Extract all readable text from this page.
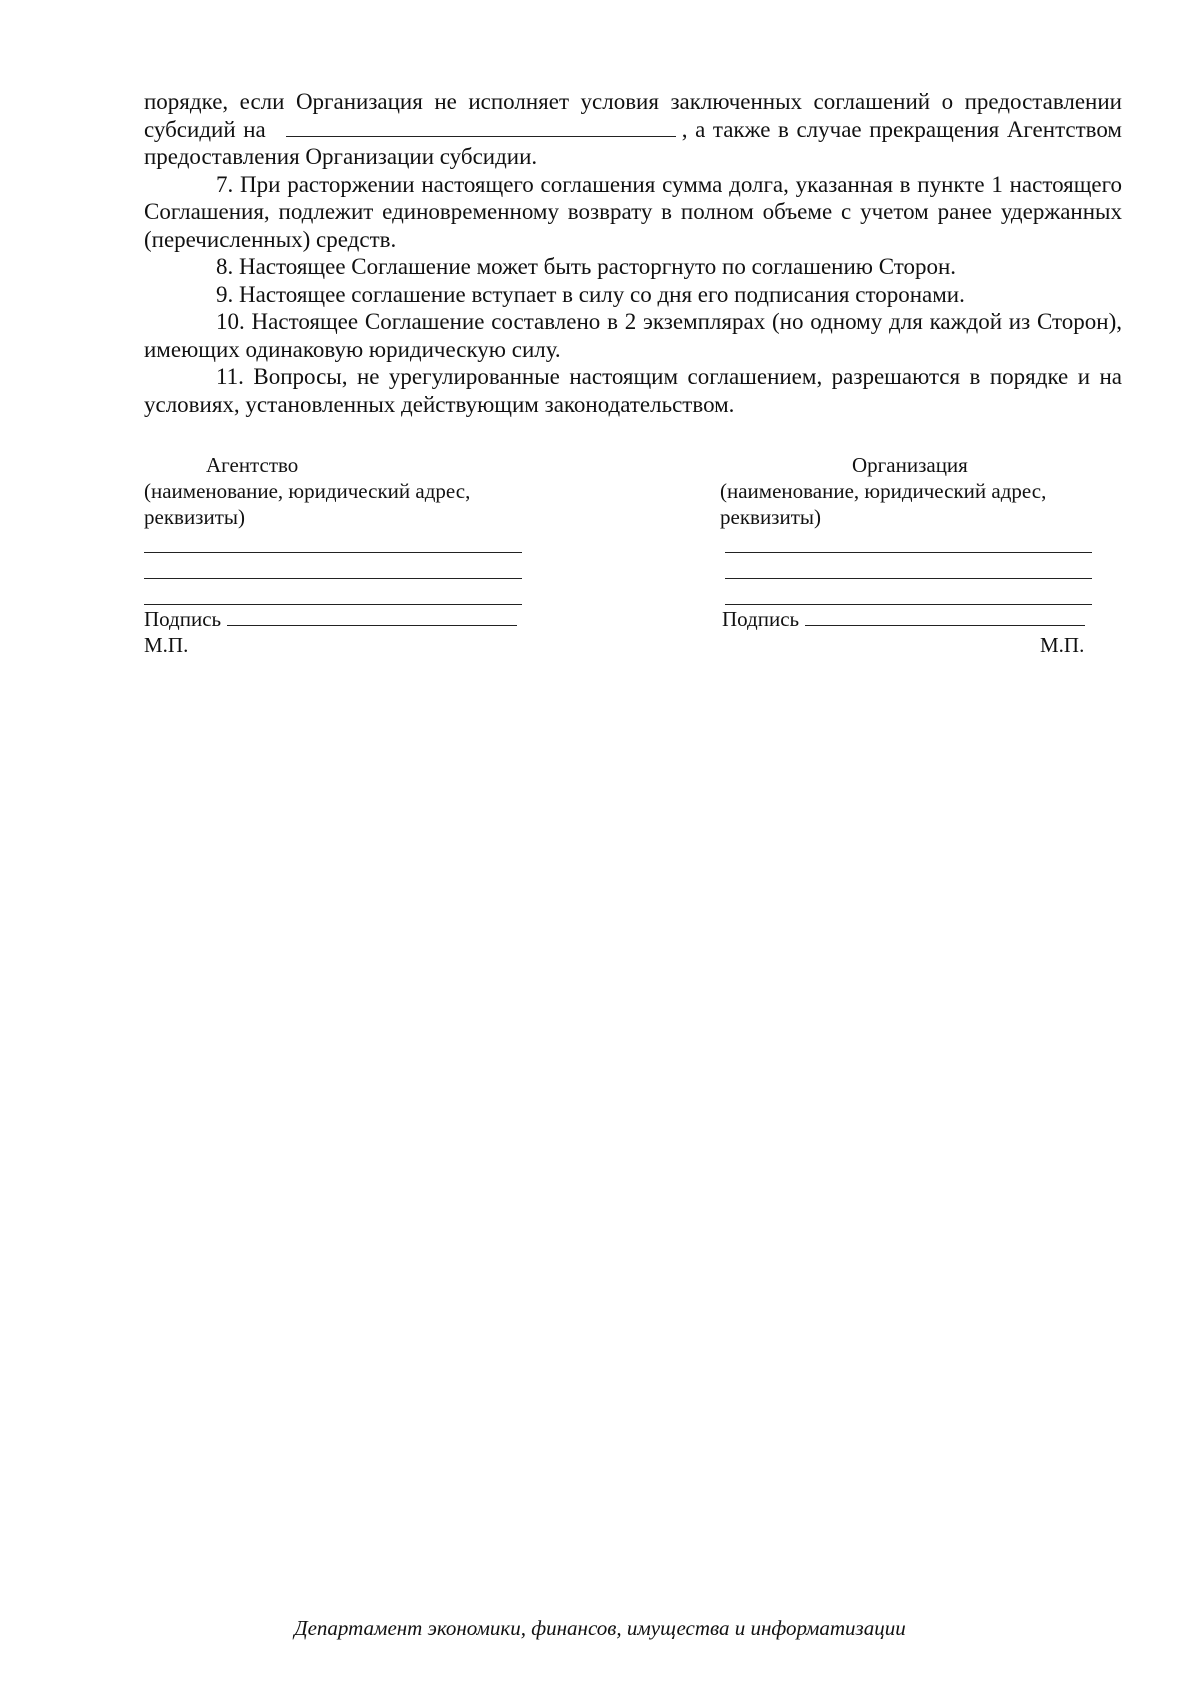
порядке, если Организация не исполняет условия заключенных соглашений о предоставлении субсидий на	, а также в случае прекращения Агентством предоставления Организации субсидии.

7. При расторжении настоящего соглашения сумма долга, указанная в пункте 1 настоящего Соглашения, подлежит единовременному возврату в полном объеме с учетом ранее удержанных (перечисленных) средств.

8. Настоящее Соглашение может быть расторгнуто по соглашению Сторон.

9. Настоящее соглашение вступает в силу со дня его подписания сторонами.

10. Настоящее Соглашение составлено в 2 экземплярах (но одному для каждой из Сторон), имеющих одинаковую юридическую силу.

11. Вопросы, не урегулированные настоящим соглашением, разрешаются в порядке и на условиях, установленных действующим законодательством.

Агентство
(наименование, юридический адрес, реквизиты)
Подпись
М.П.
Организация
(наименование, юридический адрес, реквизиты)
Подпись
М.П.
Департамент экономики, финансов, имущества и информатизации
